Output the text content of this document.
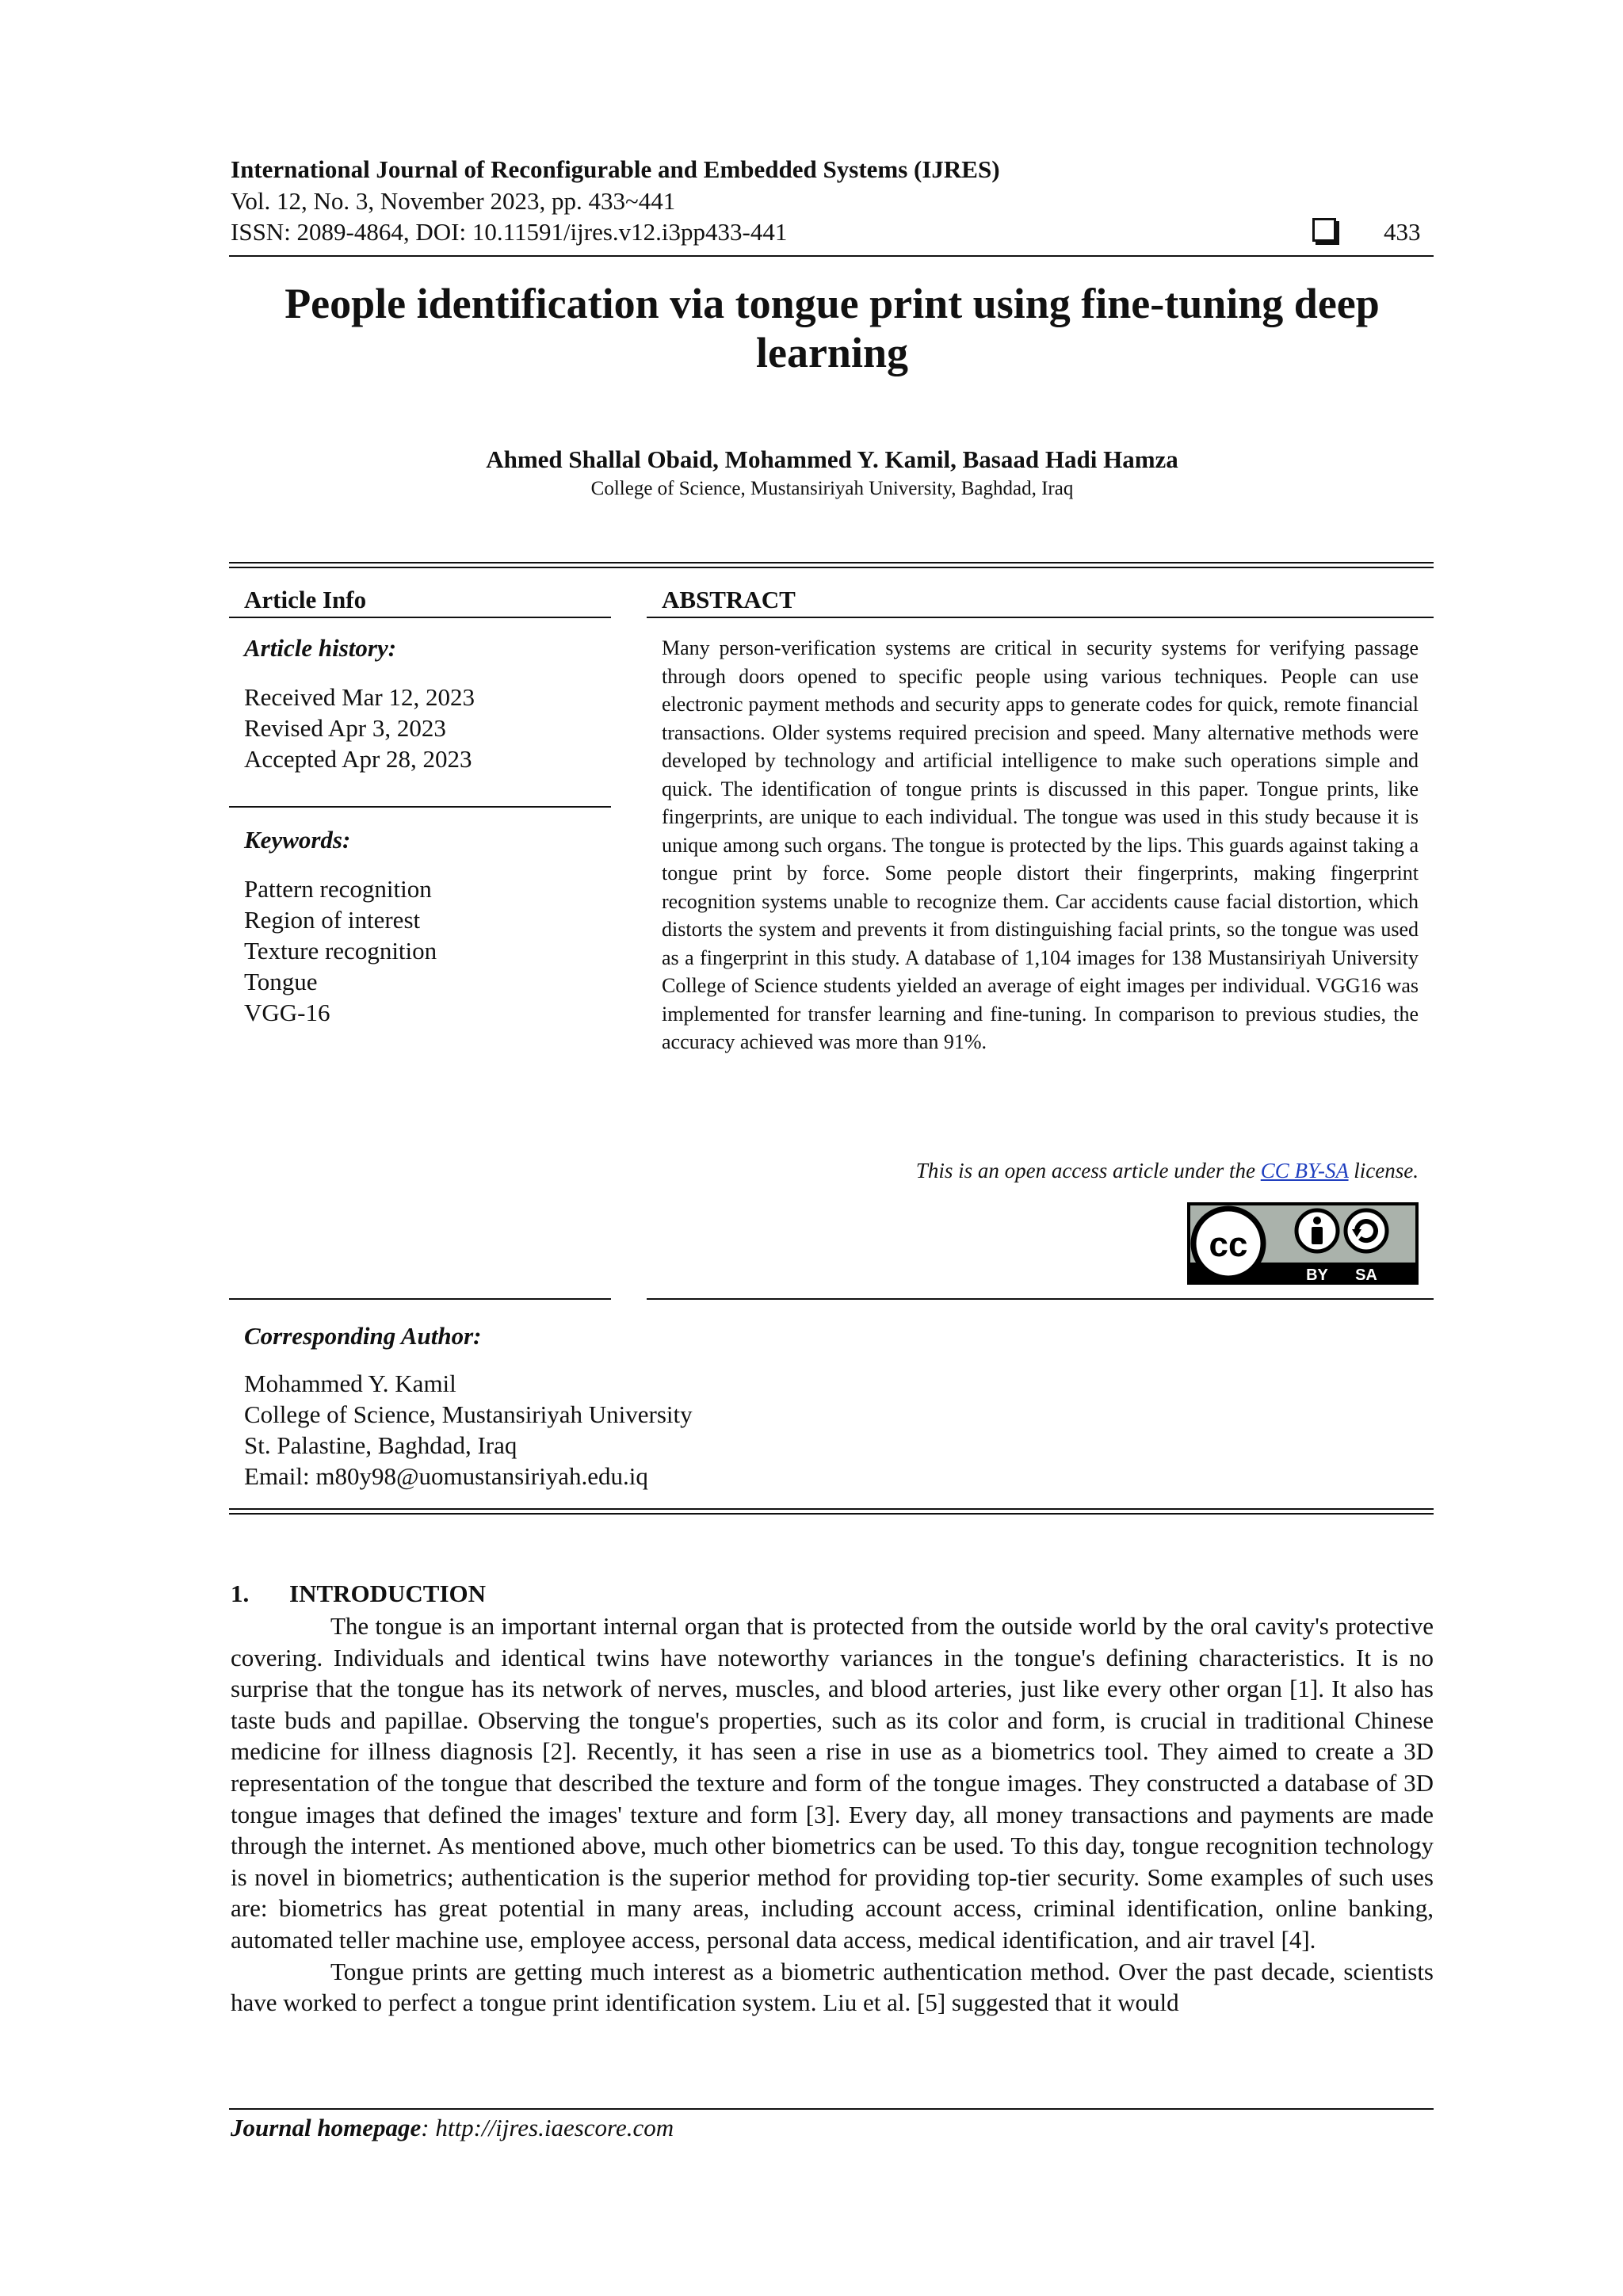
International Journal of Reconfigurable and Embedded Systems (IJRES)
Vol. 12, No. 3, November 2023, pp. 433~441
ISSN: 2089-4864, DOI: 10.11591/ijres.v12.i3pp433-441	433
People identification via tongue print using fine-tuning deep learning
Ahmed Shallal Obaid, Mohammed Y. Kamil, Basaad Hadi Hamza
College of Science, Mustansiriyah University, Baghdad, Iraq
Article Info
Article history:
Received Mar 12, 2023
Revised Apr 3, 2023
Accepted Apr 28, 2023
Keywords:
Pattern recognition
Region of interest
Texture recognition
Tongue
VGG-16
ABSTRACT
Many person-verification systems are critical in security systems for verifying passage through doors opened to specific people using various techniques. People can use electronic payment methods and security apps to generate codes for quick, remote financial transactions. Older systems required precision and speed. Many alternative methods were developed by technology and artificial intelligence to make such operations simple and quick. The identification of tongue prints is discussed in this paper. Tongue prints, like fingerprints, are unique to each individual. The tongue was used in this study because it is unique among such organs. The tongue is protected by the lips. This guards against taking a tongue print by force. Some people distort their fingerprints, making fingerprint recognition systems unable to recognize them. Car accidents cause facial distortion, which distorts the system and prevents it from distinguishing facial prints, so the tongue was used as a fingerprint in this study. A database of 1,104 images for 138 Mustansiriyah University College of Science students yielded an average of eight images per individual. VGG16 was implemented for transfer learning and fine-tuning. In comparison to previous studies, the accuracy achieved was more than 91%.
This is an open access article under the CC BY-SA license.
cc
BY SA
Corresponding Author:
Mohammed Y. Kamil
College of Science, Mustansiriyah University
St. Palastine, Baghdad, Iraq
Email: m80y98@uomustansiriyah.edu.iq
1. INTRODUCTION

The tongue is an important internal organ that is protected from the outside world by the oral cavity's protective covering. Individuals and identical twins have noteworthy variances in the tongue's defining characteristics. It is no surprise that the tongue has its network of nerves, muscles, and blood arteries, just like every other organ [1]. It also has taste buds and papillae. Observing the tongue's properties, such as its color and form, is crucial in traditional Chinese medicine for illness diagnosis [2]. Recently, it has seen a rise in use as a biometrics tool. They aimed to create a 3D representation of the tongue that described the texture and form of the tongue images. They constructed a database of 3D tongue images that defined the images' texture and form [3]. Every day, all money transactions and payments are made through the internet. As mentioned above, much other biometrics can be used. To this day, tongue recognition technology is novel in biometrics; authentication is the superior method for providing top-tier security. Some examples of such uses are: biometrics has great potential in many areas, including account access, criminal identification, online banking, automated teller machine use, employee access, personal data access, medical identification, and air travel [4].

Tongue prints are getting much interest as a biometric authentication method. Over the past decade, scientists have worked to perfect a tongue print identification system. Liu et al. [5] suggested that it would

Journal homepage: http://ijres.iaescore.com
